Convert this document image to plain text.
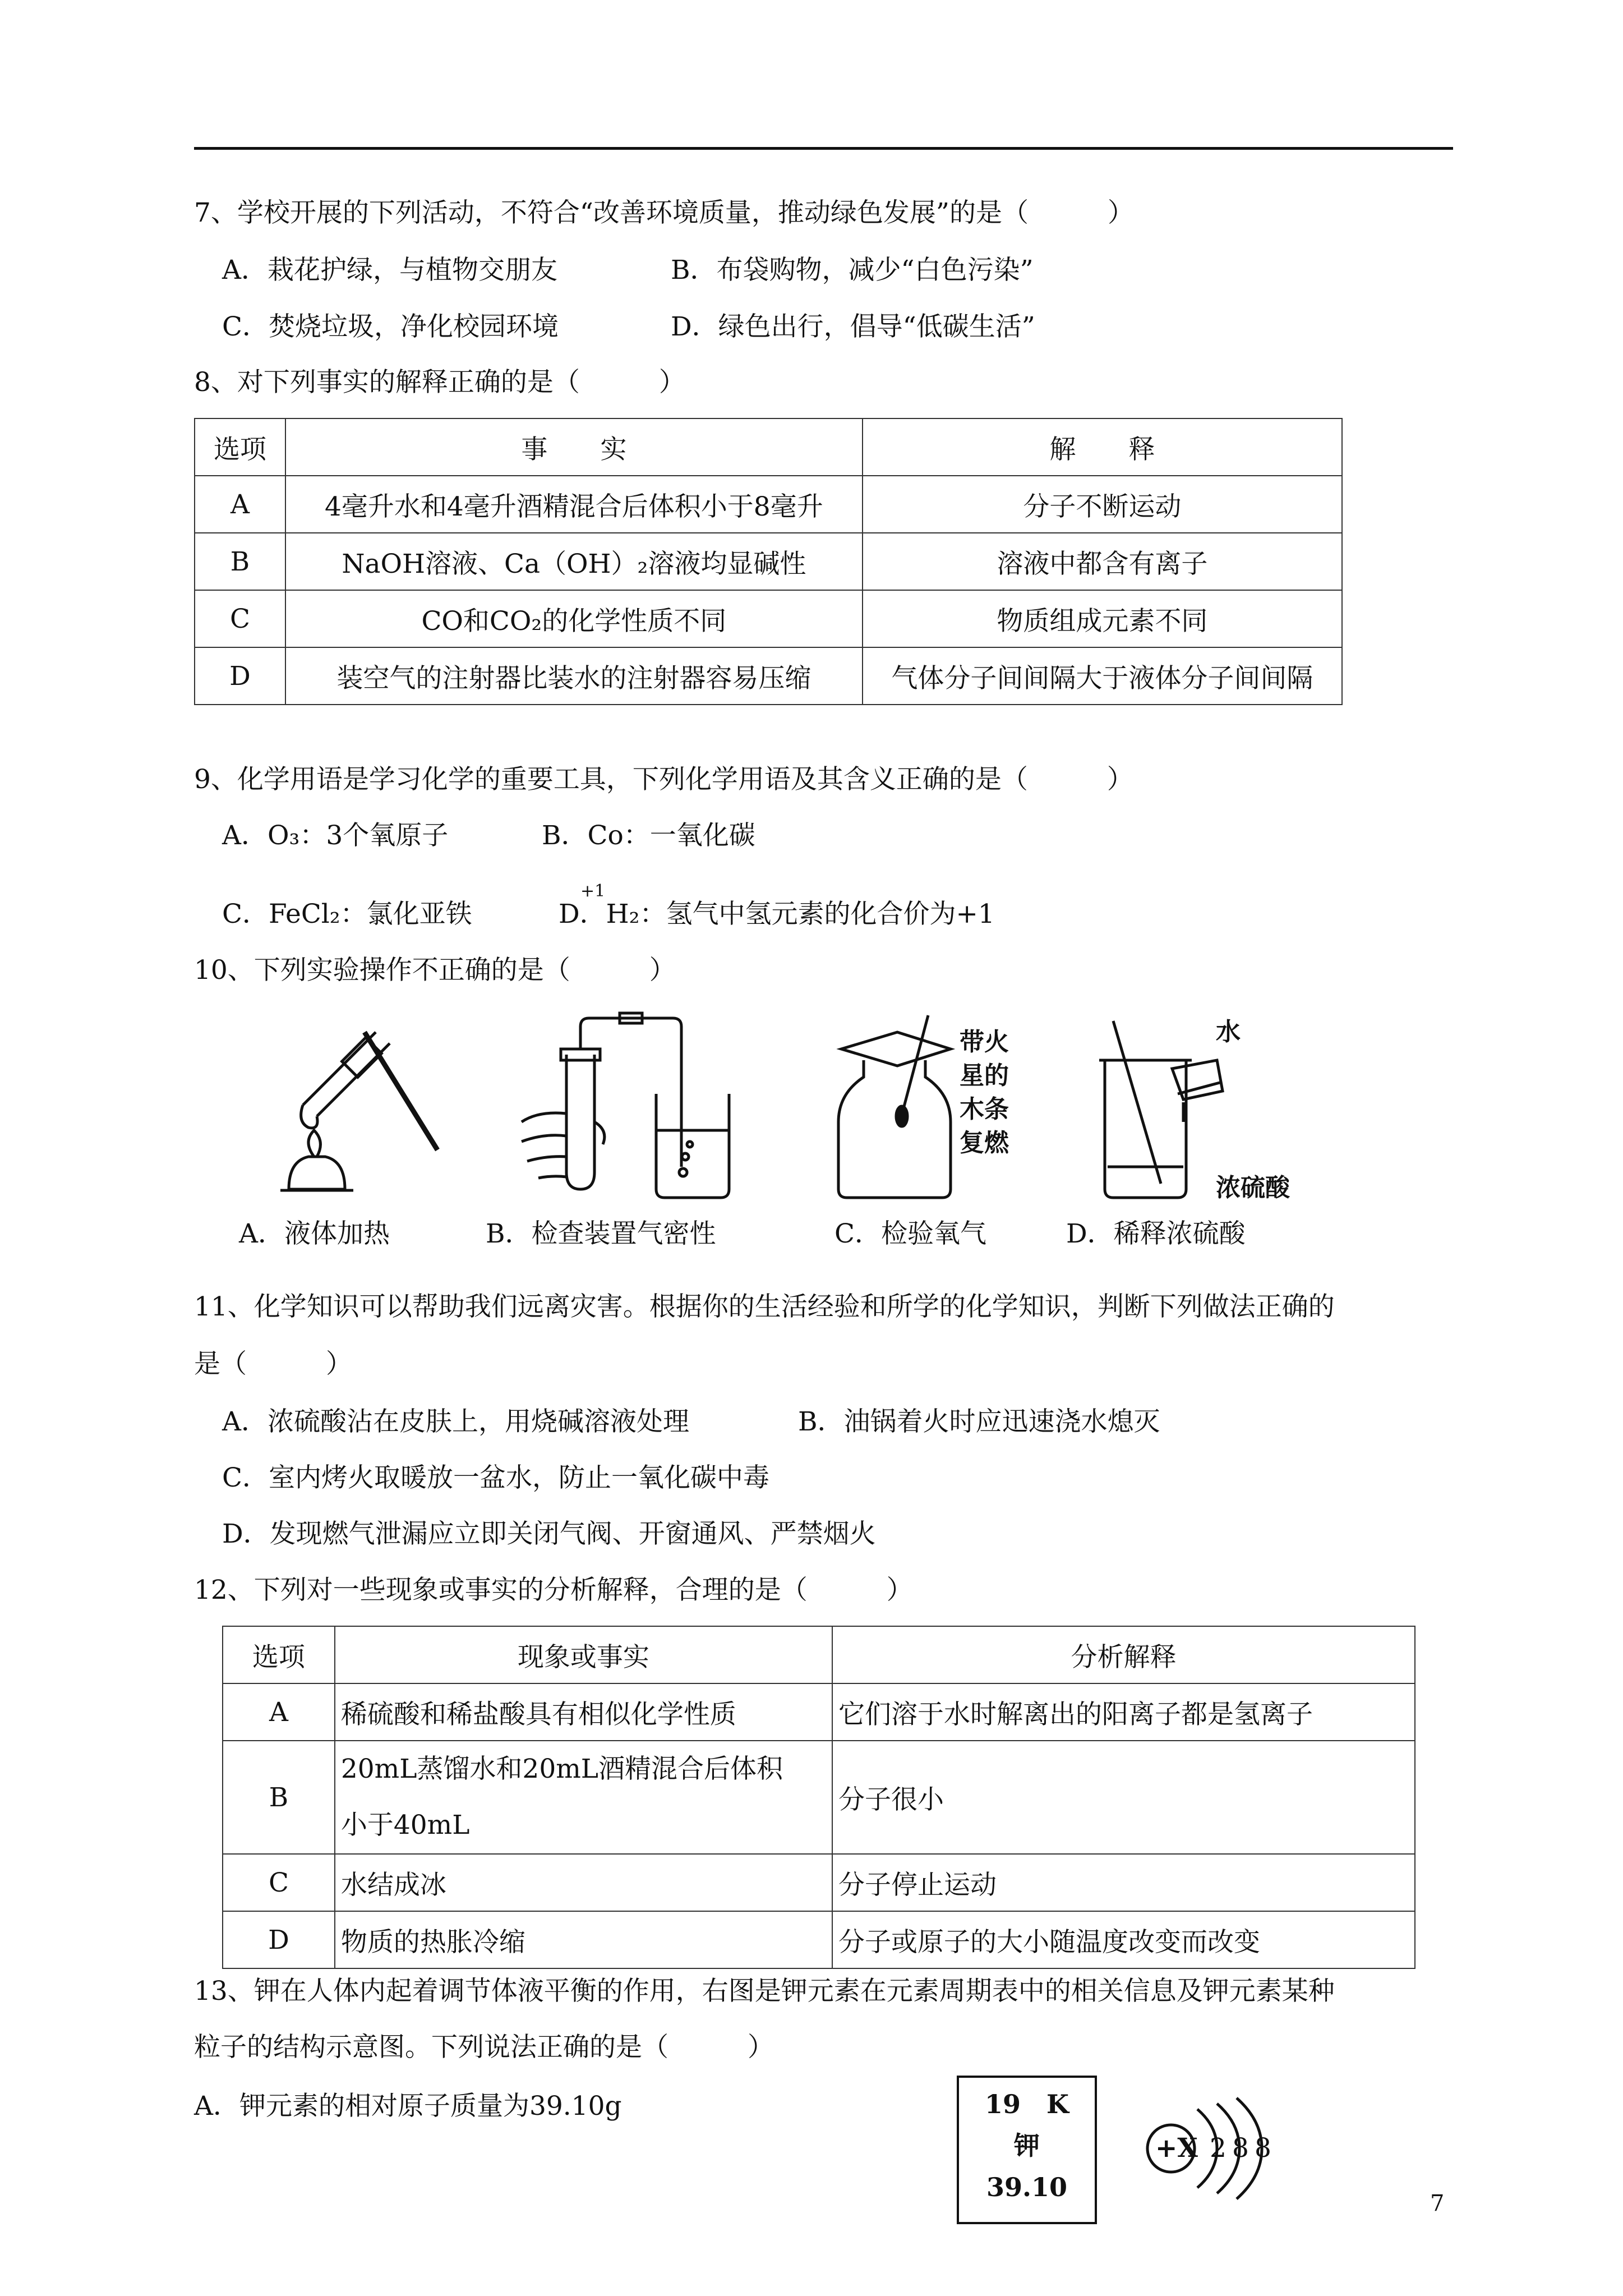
7、学校开展的下列活动，不符合“改善环境质量，推动绿色发展”的是（　　　）
A．栽花护绿，与植物交朋友	B．布袋购物，减少“白色污染”
C．焚烧垃圾，净化校园环境	D．绿色出行，倡导“低碳生活”
8、对下列事实的解释正确的是（　　　）
选项	事　　实	解　　释
A	4毫升水和4毫升酒精混合后体积小于8毫升	分子不断运动
B	NaOH溶液、Ca（OH）₂溶液均显碱性	溶液中都含有离子
C	CO和CO₂的化学性质不同	物质组成元素不同
D	装空气的注射器比装水的注射器容易压缩	气体分子间间隔大于液体分子间间隔
9、化学用语是学习化学的重要工具，下列化学用语及其含义正确的是（　　　）
A．O₃：3个氧原子	B．Co：一氧化碳
C．FeCl₂：氯化亚铁	D．H₂：氢气中氢元素的化合价为+1
+1
10、下列实验操作不正确的是（　　　）
带火
星的
木条
复燃
水
浓硫酸
A．液体加热	B．检查装置气密性	C．检验氧气	D．稀释浓硫酸
11、化学知识可以帮助我们远离灾害。根据你的生活经验和所学的化学知识，判断下列做法正确的
是（　　　）
A．浓硫酸沾在皮肤上，用烧碱溶液处理	B．油锅着火时应迅速浇水熄灭
C．室内烤火取暖放一盆水，防止一氧化碳中毒
D．发现燃气泄漏应立即关闭气阀、开窗通风、严禁烟火
12、下列对一些现象或事实的分析解释，合理的是（　　　）
选项	现象或事实	分析解释
A	稀硫酸和稀盐酸具有相似化学性质	它们溶于水时解离出的阳离子都是氢离子
B	20mL蒸馏水和20mL酒精混合后体积
小于40mL	分子很小
C	水结成冰	分子停止运动
D	物质的热胀冷缩	分子或原子的大小随温度改变而改变
13、钾在人体内起着调节体液平衡的作用，右图是钾元素在元素周期表中的相关信息及钾元素某种
粒子的结构示意图。下列说法正确的是（　　　）
A．钾元素的相对原子质量为39.10g	19　K
钾
39.10
+X 2 8 8
7
